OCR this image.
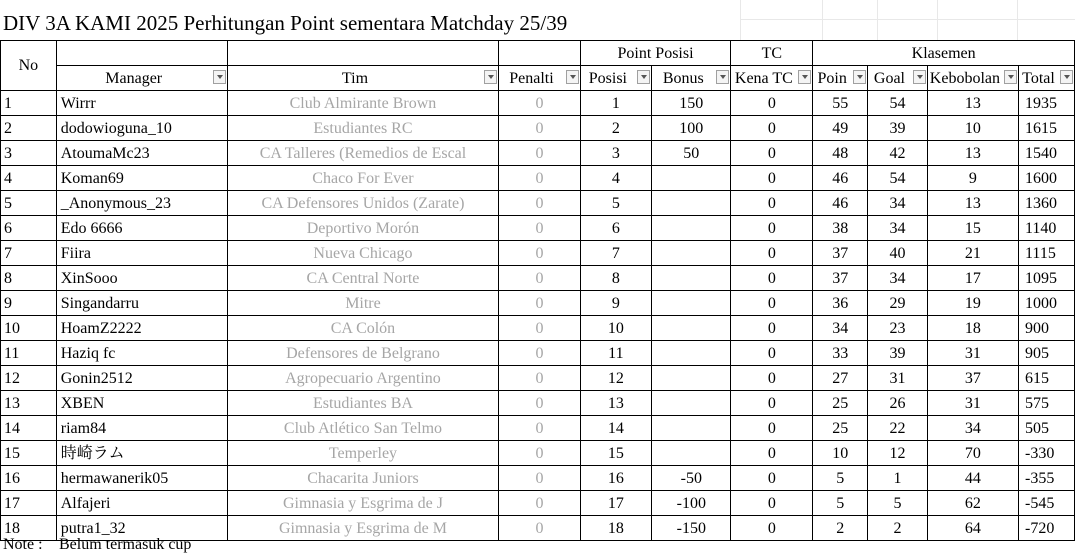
DIV 3A KAMI 2025 Perhitungan Point sementara Matchday 25/39
No				Point Posisi		TC	Klasemen			

	Manager	Tim	Penalti	Posisi	Bonus	Kena TC	Poin	Goal	Kebobolan	Total

1	Wirrr	Club Almirante Brown	0	1	150	0	55	54	13	1935
2	dodowioguna_10	Estudiantes RC	0	2	100	0	49	39	10	1615
3	AtoumaMc23	CA Talleres (Remedios de Escal	0	3	50	0	48	42	13	1540
4	Koman69	Chaco For Ever	0	4		0	46	54	9	1600
5	_Anonymous_23	CA Defensores Unidos (Zarate)	0	5		0	46	34	13	1360
6	Edo 6666	Deportivo Morón	0	6		0	38	34	15	1140
7	Fiira	Nueva Chicago	0	7		0	37	40	21	1115
8	XinSooo	CA Central Norte	0	8		0	37	34	17	1095
9	Singandarru	Mitre	0	9		0	36	29	19	1000
10	HoamZ2222	CA Colón	0	10		0	34	23	18	900
11	Haziq fc	Defensores de Belgrano	0	11		0	33	39	31	905
12	Gonin2512	Agropecuario Argentino	0	12		0	27	31	37	615
13	XBEN	Estudiantes BA	0	13		0	25	26	31	575
14	riam84	Club Atlético San Telmo	0	14		0	25	22	34	505
15	時崎ラム	Temperley	0	15		0	10	12	70	-330
16	hermawanerik05	Chacarita Juniors	0	16	-50	0	5	1	44	-355
17	Alfajeri	Gimnasia y Esgrima de J	0	17	-100	0	5	5	62	-545
18	putra1_32	Gimnasia y Esgrima de M	0	18	-150	0	2	2	64	-720
Note : Belum termasuk cup
